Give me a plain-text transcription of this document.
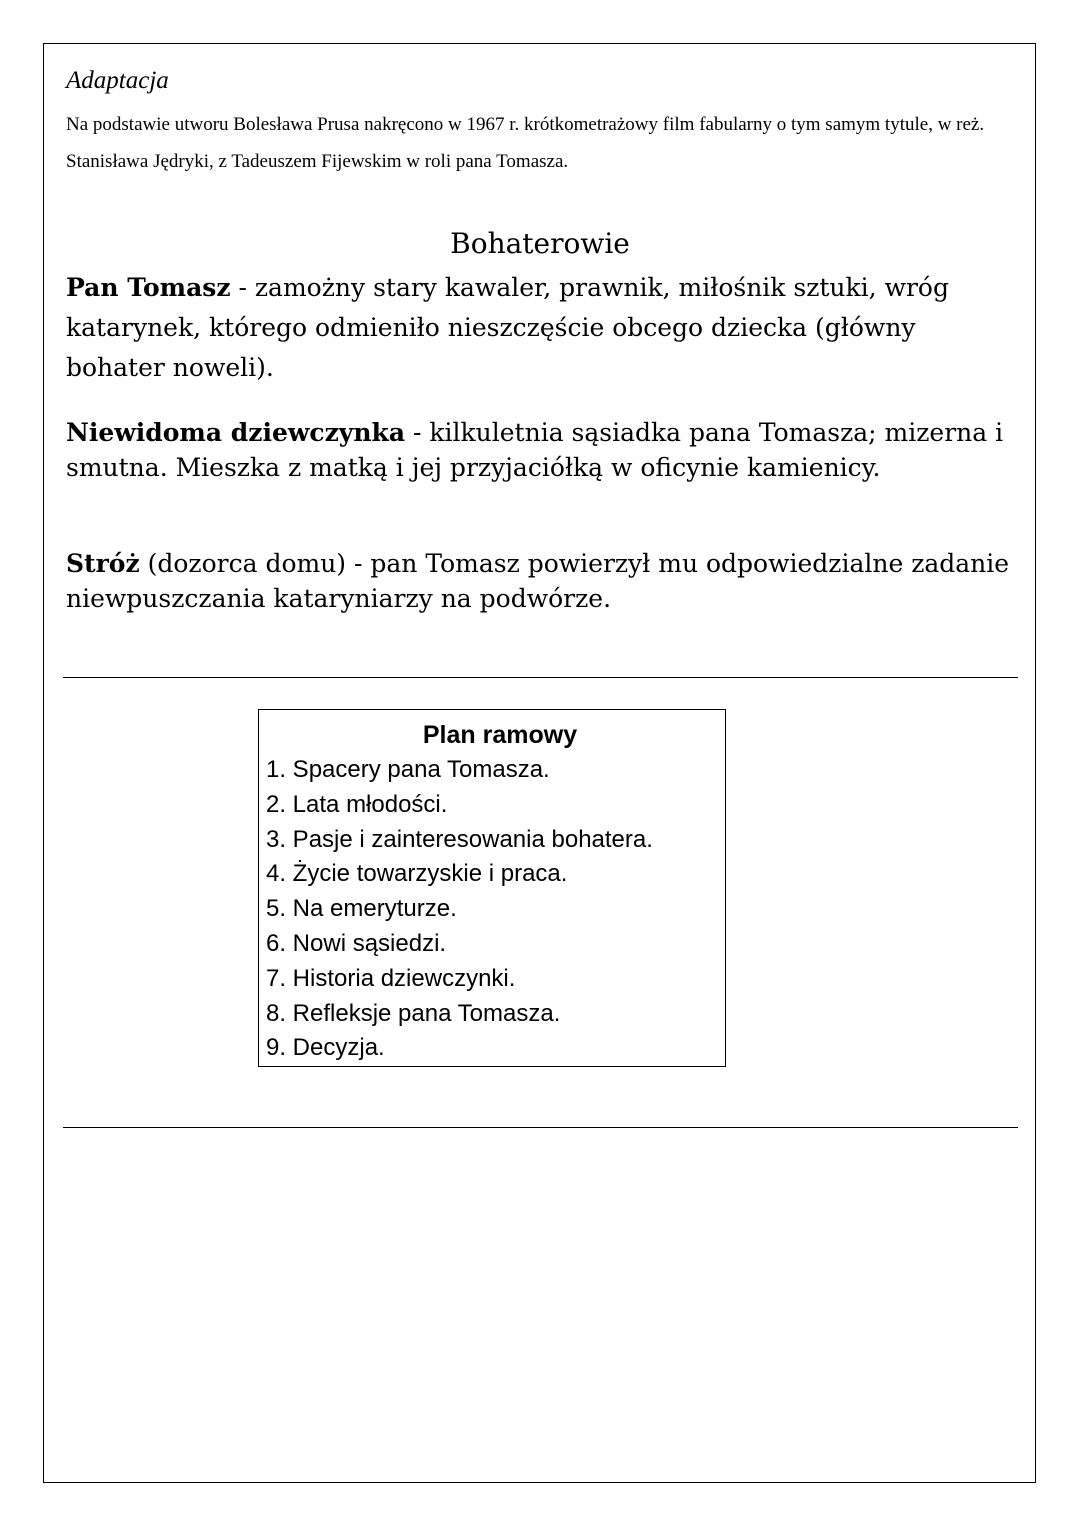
Adaptacja

Na podstawie utworu Bolesława Prusa nakręcono w 1967 r. krótkometrażowy film fabularny o tym samym tytule, w reż. Stanisława Jędryki, z Tadeuszem Fijewskim w roli pana Tomasza.

Bohaterowie

Pan Tomasz - zamożny stary kawaler, prawnik, miłośnik sztuki, wróg katarynek, którego odmieniło nieszczęście obcego dziecka (główny bohater noweli).

Niewidoma dziewczynka - kilkuletnia sąsiadka pana Tomasza; mizerna i smutna. Mieszka z matką i jej przyjaciółką w oficynie kamienicy.

Stróż (dozorca domu) - pan Tomasz powierzył mu odpowiedzialne zadanie niewpuszczania kataryniarzy na podwórze.

Plan ramowy
1. Spacery pana Tomasza.
2. Lata młodości.
3. Pasje i zainteresowania bohatera.
4. Życie towarzyskie i praca.
5. Na emeryturze.
6. Nowi sąsiedzi.
7. Historia dziewczynki.
8. Refleksje pana Tomasza.
9. Decyzja.
